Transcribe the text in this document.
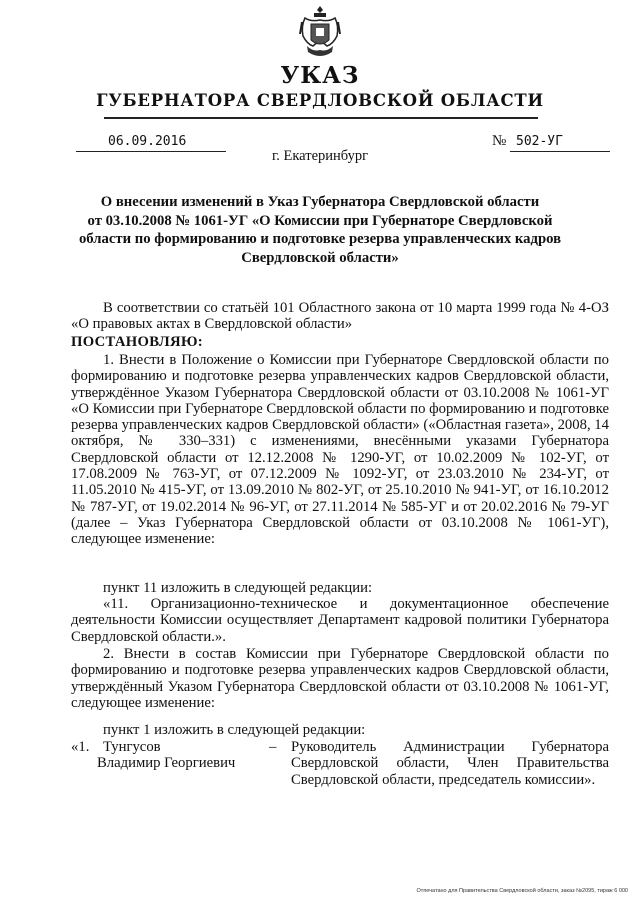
УКАЗ
ГУБЕРНАТОРА СВЕРДЛОВСКОЙ ОБЛАСТИ
06.09.2016	№ 502-УГ
г. Екатеринбург
О внесении изменений в Указ Губернатора Свердловской области
от 03.10.2008 № 1061-УГ «О Комиссии при Губернаторе Свердловской
области по формированию и подготовке резерва управленческих кадров
Свердловской области»
В соответствии со статьёй 101 Областного закона от 10 марта 1999 года № 4-ОЗ «О правовых актах в Свердловской области»
ПОСТАНОВЛЯЮ:
1. Внести в Положение о Комиссии при Губернаторе Свердловской области по формированию и подготовке резерва управленческих кадров Свердловской области, утверждённое Указом Губернатора Свердловской области от 03.10.2008 № 1061-УГ «О Комиссии при Губернаторе Свердловской области по формированию и подготовке резерва управленческих кадров Свердловской области» («Областная газета», 2008, 14 октября, № 330–331) с изменениями, внесёнными указами Губернатора Свердловской области от 12.12.2008 № 1290-УГ, от 10.02.2009 № 102-УГ, от 17.08.2009 № 763-УГ, от 07.12.2009 № 1092-УГ, от 23.03.2010 № 234-УГ, от 11.05.2010 № 415-УГ, от 13.09.2010 № 802-УГ, от 25.10.2010 № 941-УГ, от 16.10.2012 № 787-УГ, от 19.02.2014 № 96-УГ, от 27.11.2014 № 585-УГ и от 20.02.2016 № 79-УГ (далее – Указ Губернатора Свердловской области от 03.10.2008 № 1061-УГ), следующее изменение:
пункт 11 изложить в следующей редакции:
«11. Организационно-техническое и документационное обеспечение деятельности Комиссии осуществляет Департамент кадровой политики Губернатора Свердловской области.».
2. Внести в состав Комиссии при Губернаторе Свердловской области по формированию и подготовке резерва управленческих кадров Свердловской области, утверждённый Указом Губернатора Свердловской области от 03.10.2008 № 1061-УГ, следующее изменение:
пункт 1 изложить в следующей редакции:
«1. Тунгусов
Владимир Георгиевич
– Руководитель Администрации Губернатора Свердловской области, Член Правительства Свердловской области, председатель комиссии».
Отпечатано для Правительства Свердловской области, заказ №2095, тираж 6 000
